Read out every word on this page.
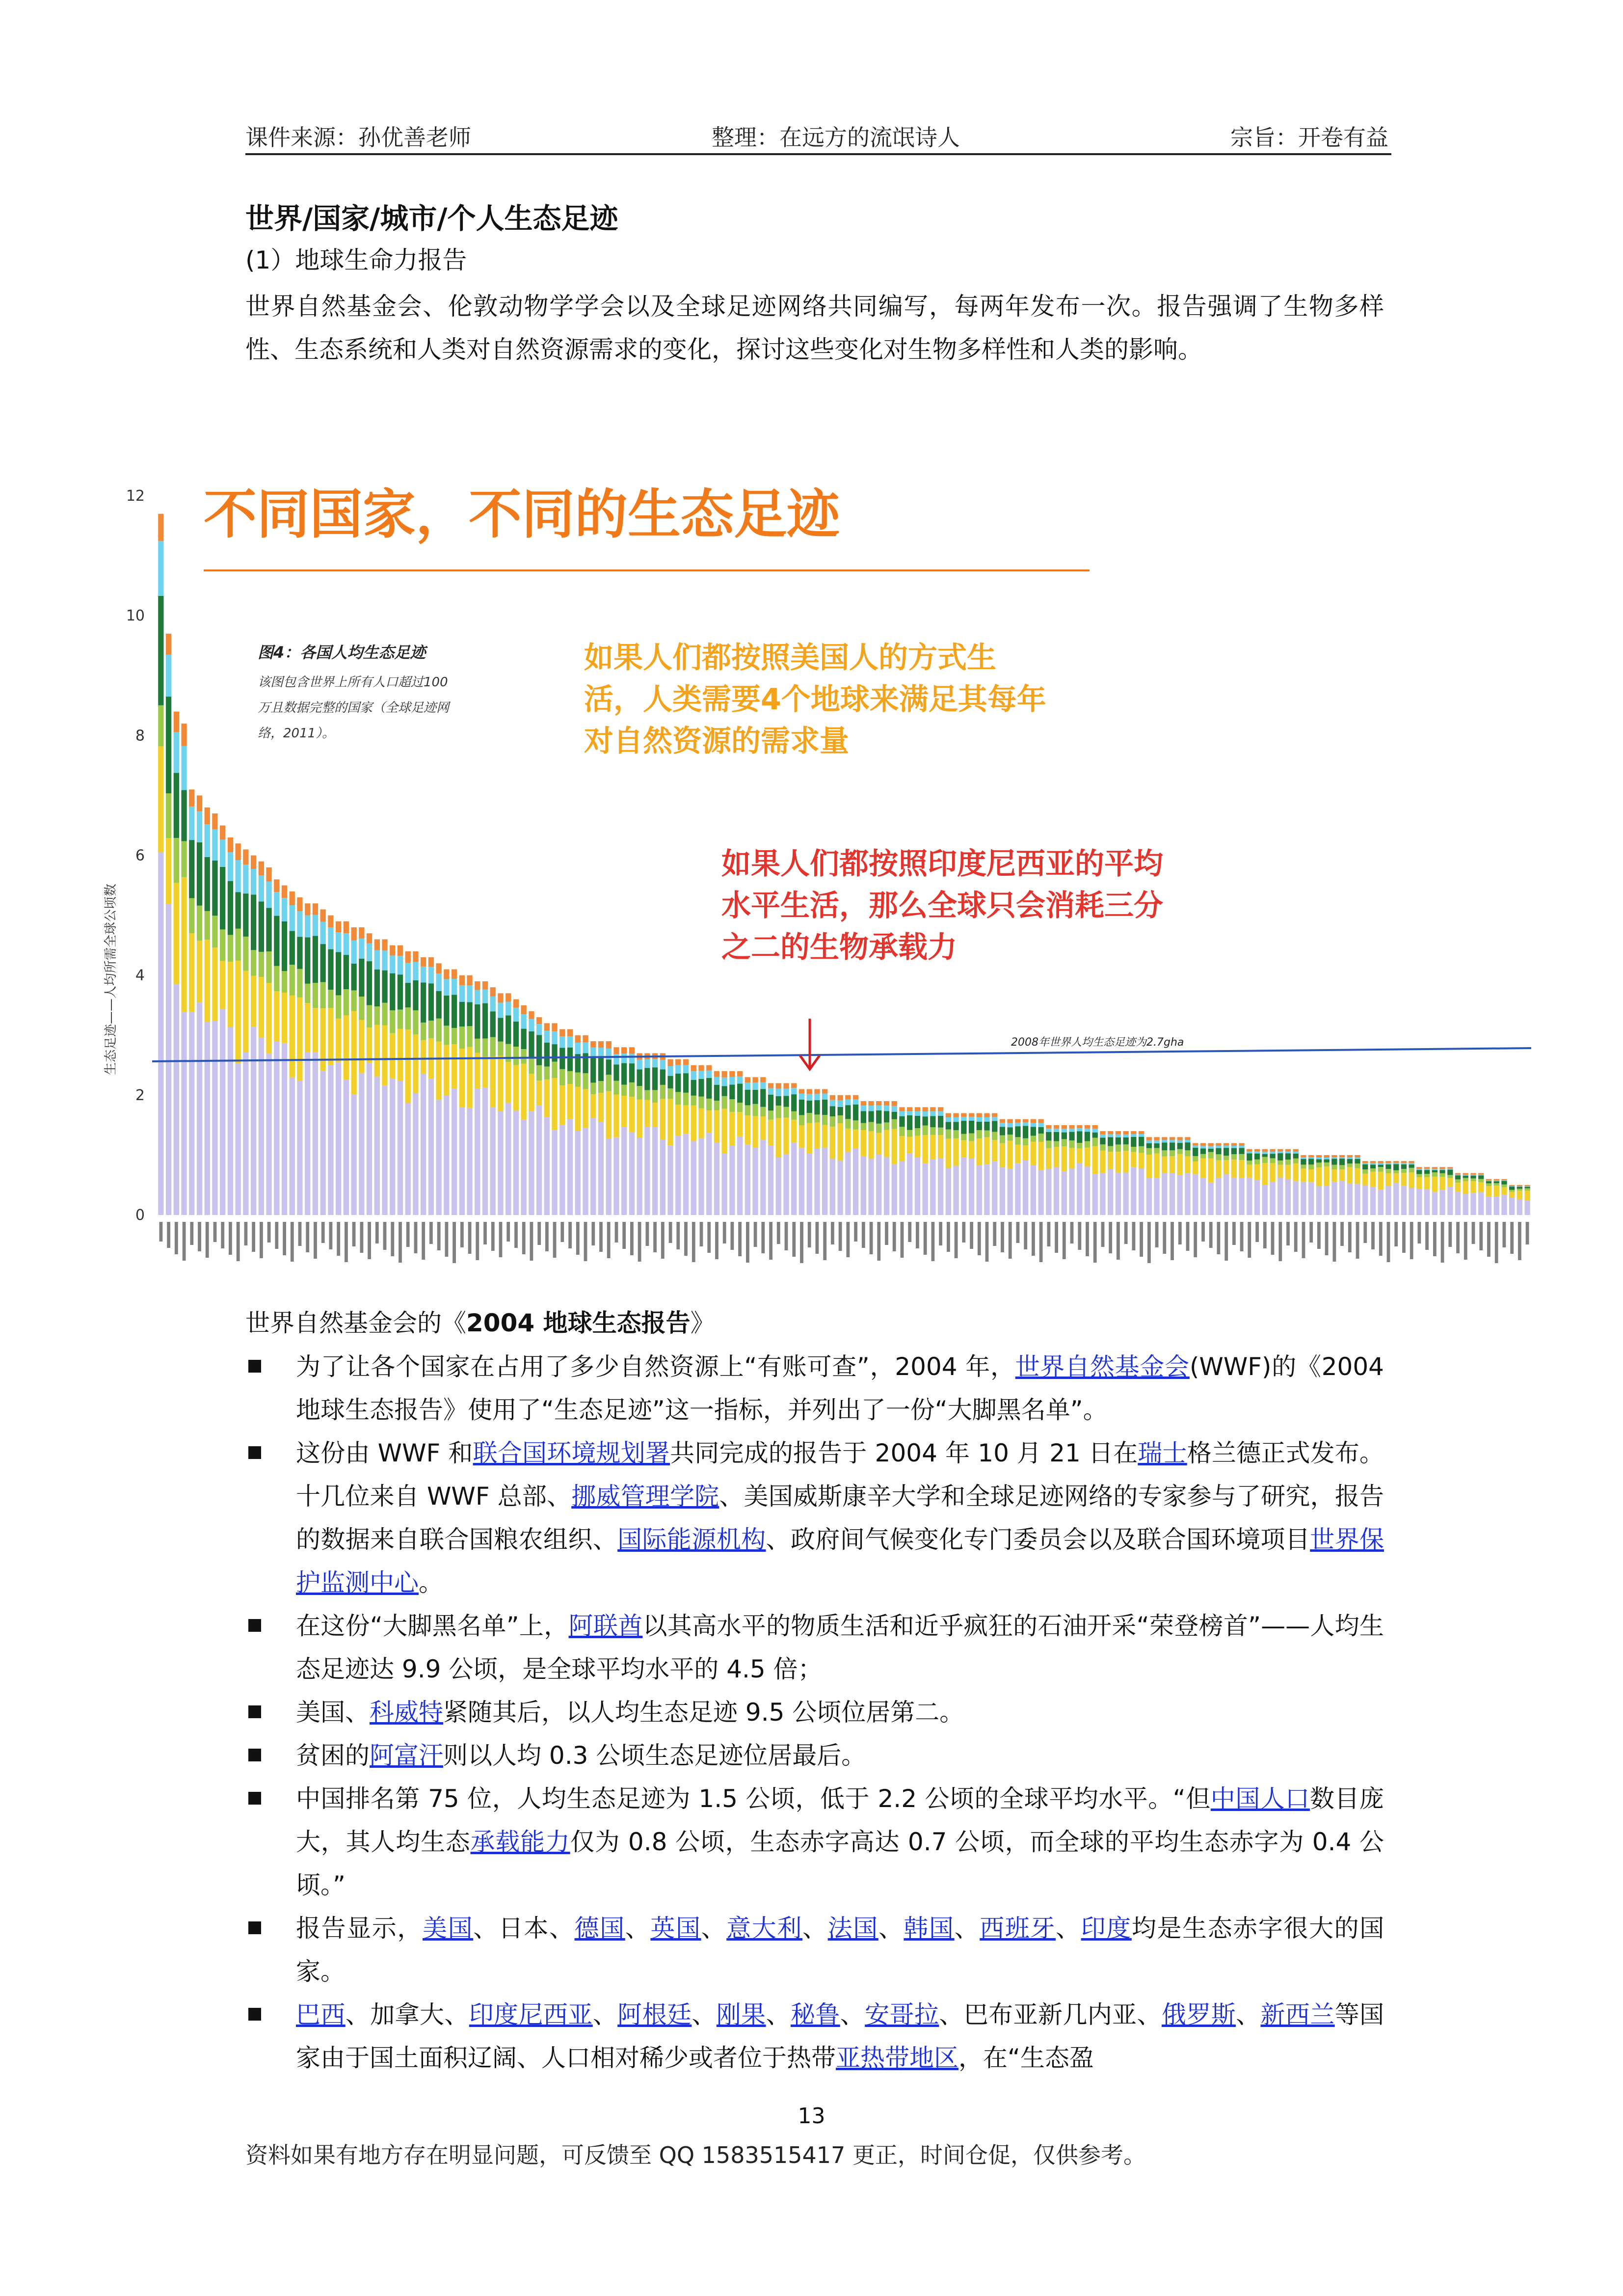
课件来源：孙优善老师	整理：在远方的流氓诗人	宗旨：开卷有益
世界/国家/城市/个人生态足迹
(1）地球生命力报告
世界自然基金会、伦敦动物学学会以及全球足迹网络共同编写，每两年发布一次。报告强调了生物多样性、生态系统和人类对自然资源需求的变化，探讨这些变化对生物多样性和人类的影响。
0
2
4
6
8
10
12
生态足迹——人均所需全球公顷数	2008年世界人均生态足迹为2.7gha
不同国家，不同的生态足迹
图4：各国人均生态足迹
该图包含世界上所有人口超过100
万且数据完整的国家（全球足迹网
络，2011）。
如果人们都按照美国人的方式生
活，人类需要4个地球来满足其每年
对自然资源的需求量
如果人们都按照印度尼西亚的平均
水平生活，那么全球只会消耗三分
之二的生物承载力
世界自然基金会的《2004 地球生态报告》
为了让各个国家在占用了多少自然资源上“有账可查”，2004 年，世界自然基金会(WWF)的《2004 地球生态报告》使用了“生态足迹”这一指标，并列出了一份“大脚黑名单”。
这份由 WWF 和联合国环境规划署共同完成的报告于 2004 年 10 月 21 日在瑞士格兰德正式发布。十几位来自 WWF 总部、挪威管理学院、美国威斯康辛大学和全球足迹网络的专家参与了研究，报告的数据来自联合国粮农组织、国际能源机构、政府间气候变化专门委员会以及联合国环境项目世界保护监测中心。
在这份“大脚黑名单”上，阿联酋以其高水平的物质生活和近乎疯狂的石油开采“荣登榜首”——人均生态足迹达 9.9 公顷，是全球平均水平的 4.5 倍；
美国、科威特紧随其后，以人均生态足迹 9.5 公顷位居第二。
贫困的阿富汗则以人均 0.3 公顷生态足迹位居最后。
中国排名第 75 位，人均生态足迹为 1.5 公顷，低于 2.2 公顷的全球平均水平。“但中国人口数目庞大，其人均生态承载能力仅为 0.8 公顷，生态赤字高达 0.7 公顷，而全球的平均生态赤字为 0.4 公顷。”
报告显示，美国、日本、德国、英国、意大利、法国、韩国、西班牙、印度均是生态赤字很大的国家。
巴西、加拿大、印度尼西亚、阿根廷、刚果、秘鲁、安哥拉、巴布亚新几内亚、俄罗斯、新西兰等国家由于国土面积辽阔、人口相对稀少或者位于热带亚热带地区，在“生态盈
13
资料如果有地方存在明显问题，可反馈至 QQ 1583515417 更正，时间仓促，仅供参考。
